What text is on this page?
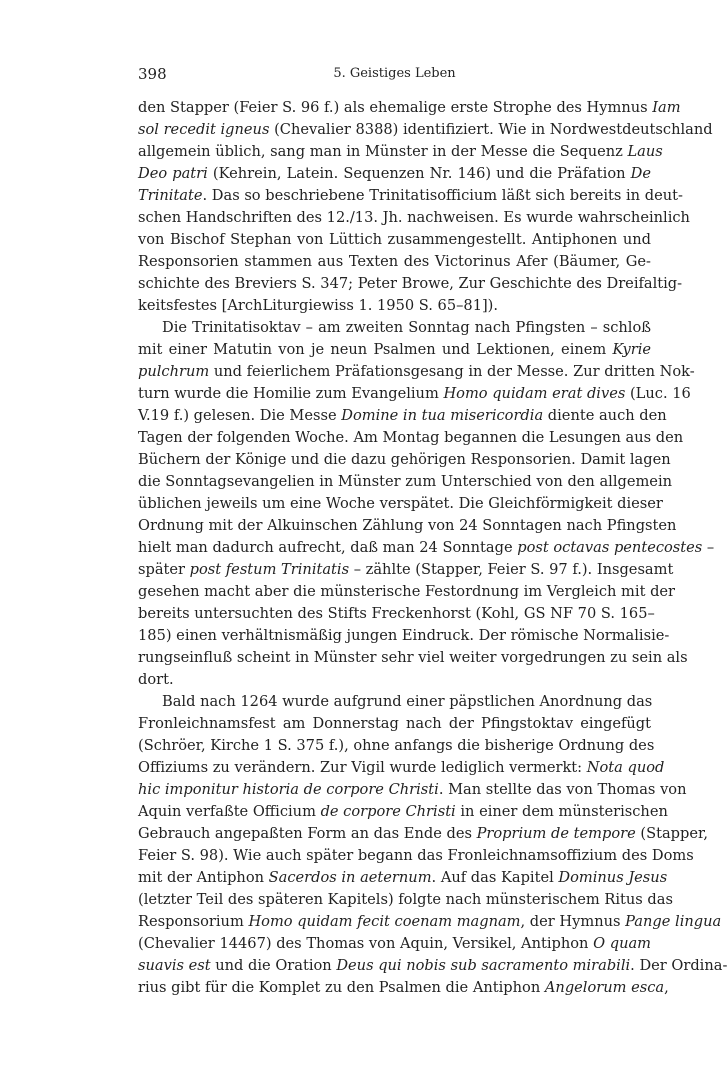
398	5. Geistiges Leben
den Stapper (Feier S. 96 f.) als ehemalige erste Strophe des Hymnus Iam
sol recedit igneus (Chevalier 8388) identifiziert. Wie in Nordwestdeutschland
allgemein üblich, sang man in Münster in der Messe die Sequenz Laus
Deo patri (Kehrein, Latein. Sequenzen Nr. 146) und die Präfation De
Trinitate. Das so beschriebene Trinitatisofficium läßt sich bereits in deut-
schen Handschriften des 12./13. Jh. nachweisen. Es wurde wahrscheinlich
von Bischof Stephan von Lüttich zusammengestellt. Antiphonen und
Responsorien stammen aus Texten des Victorinus Afer (Bäumer, Ge-
schichte des Breviers S. 347; Peter Browe, Zur Geschichte des Dreifaltig-
keitsfestes [ArchLiturgiewiss 1. 1950 S. 65–81]).
Die Trinitatisoktav – am zweiten Sonntag nach Pfingsten – schloß
mit einer Matutin von je neun Psalmen und Lektionen, einem Kyrie
pulchrum und feierlichem Präfationsgesang in der Messe. Zur dritten Nok-
turn wurde die Homilie zum Evangelium Homo quidam erat dives (Luc. 16
V.19 f.) gelesen. Die Messe Domine in tua misericordia diente auch den
Tagen der folgenden Woche. Am Montag begannen die Lesungen aus den
Büchern der Könige und die dazu gehörigen Responsorien. Damit lagen
die Sonntagsevangelien in Münster zum Unterschied von den allgemein
üblichen jeweils um eine Woche verspätet. Die Gleichförmigkeit dieser
Ordnung mit der Alkuinschen Zählung von 24 Sonntagen nach Pfingsten
hielt man dadurch aufrecht, daß man 24 Sonntage post octavas pentecostes –
später post festum Trinitatis – zählte (Stapper, Feier S. 97 f.). Insgesamt
gesehen macht aber die münsterische Festordnung im Vergleich mit der
bereits untersuchten des Stifts Freckenhorst (Kohl, GS NF 70 S. 165–
185) einen verhältnismäßig jungen Eindruck. Der römische Normalisie-
rungseinfluß scheint in Münster sehr viel weiter vorgedrungen zu sein als
dort.
Bald nach 1264 wurde aufgrund einer päpstlichen Anordnung das
Fronleichnamsfest am Donnerstag nach der Pfingstoktav eingefügt
(Schröer, Kirche 1 S. 375 f.), ohne anfangs die bisherige Ordnung des
Offiziums zu verändern. Zur Vigil wurde lediglich vermerkt: Nota quod
hic imponitur historia de corpore Christi. Man stellte das von Thomas von
Aquin verfaßte Officium de corpore Christi in einer dem münsterischen
Gebrauch angepaßten Form an das Ende des Proprium de tempore (Stapper,
Feier S. 98). Wie auch später begann das Fronleichnamsoffizium des Doms
mit der Antiphon Sacerdos in aeternum. Auf das Kapitel Dominus Jesus
(letzter Teil des späteren Kapitels) folgte nach münsterischem Ritus das
Responsorium Homo quidam fecit coenam magnam, der Hymnus Pange lingua
(Chevalier 14467) des Thomas von Aquin, Versikel, Antiphon O quam
suavis est und die Oration Deus qui nobis sub sacramento mirabili. Der Ordina-
rius gibt für die Komplet zu den Psalmen die Antiphon Angelorum esca,
